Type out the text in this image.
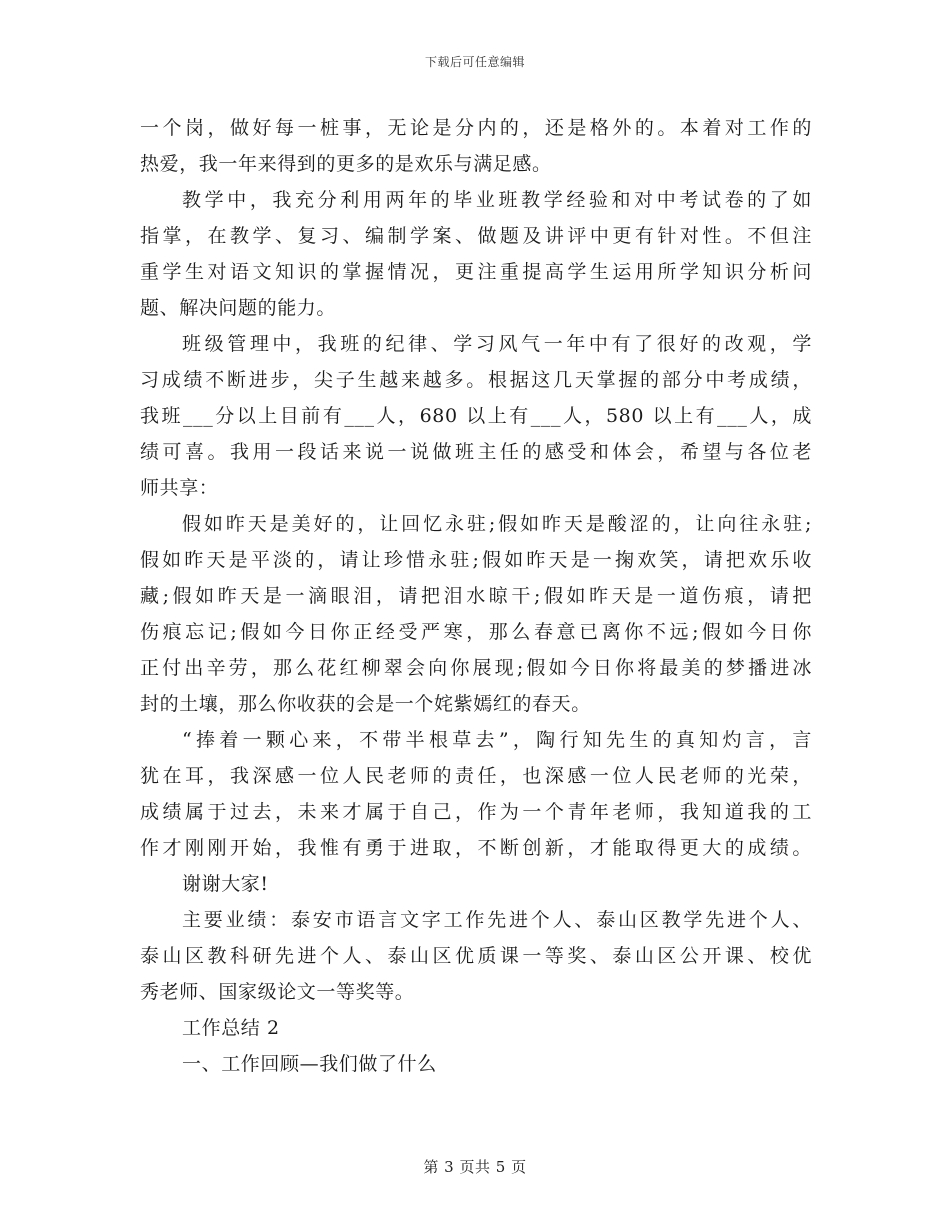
下载后可任意编辑
一个岗，做好每一桩事，无论是分内的，还是格外的。本着对工作的
热爱，我一年来得到的更多的是欢乐与满足感。
教学中，我充分利用两年的毕业班教学经验和对中考试卷的了如
指掌，在教学、复习、编制学案、做题及讲评中更有针对性。不但注
重学生对语文知识的掌握情况，更注重提高学生运用所学知识分析问
题、解决问题的能力。
班级管理中，我班的纪律、学习风气一年中有了很好的改观，学
习成绩不断进步，尖子生越来越多。根据这几天掌握的部分中考成绩，
我班___分以上目前有___人，680 以上有___人，580 以上有___人，成
绩可喜。我用一段话来说一说做班主任的感受和体会，希望与各位老
师共享：
假如昨天是美好的，让回忆永驻;假如昨天是酸涩的，让向往永驻;
假如昨天是平淡的，请让珍惜永驻;假如昨天是一掬欢笑，请把欢乐收
藏;假如昨天是一滴眼泪，请把泪水晾干;假如昨天是一道伤痕，请把
伤痕忘记;假如今日你正经受严寒，那么春意已离你不远;假如今日你
正付出辛劳，那么花红柳翠会向你展现;假如今日你将最美的梦播进冰
封的土壤，那么你收获的会是一个姹紫嫣红的春天。
“捧着一颗心来，不带半根草去”，陶行知先生的真知灼言，言
犹在耳，我深感一位人民老师的责任，也深感一位人民老师的光荣，
成绩属于过去，未来才属于自己，作为一个青年老师，我知道我的工
作才刚刚开始，我惟有勇于进取，不断创新，才能取得更大的成绩。
谢谢大家!
主要业绩：泰安市语言文字工作先进个人、泰山区教学先进个人、
泰山区教科研先进个人、泰山区优质课一等奖、泰山区公开课、校优
秀老师、国家级论文一等奖等。
工作总结 2
一、工作回顾—我们做了什么
第 3 页共 5 页
